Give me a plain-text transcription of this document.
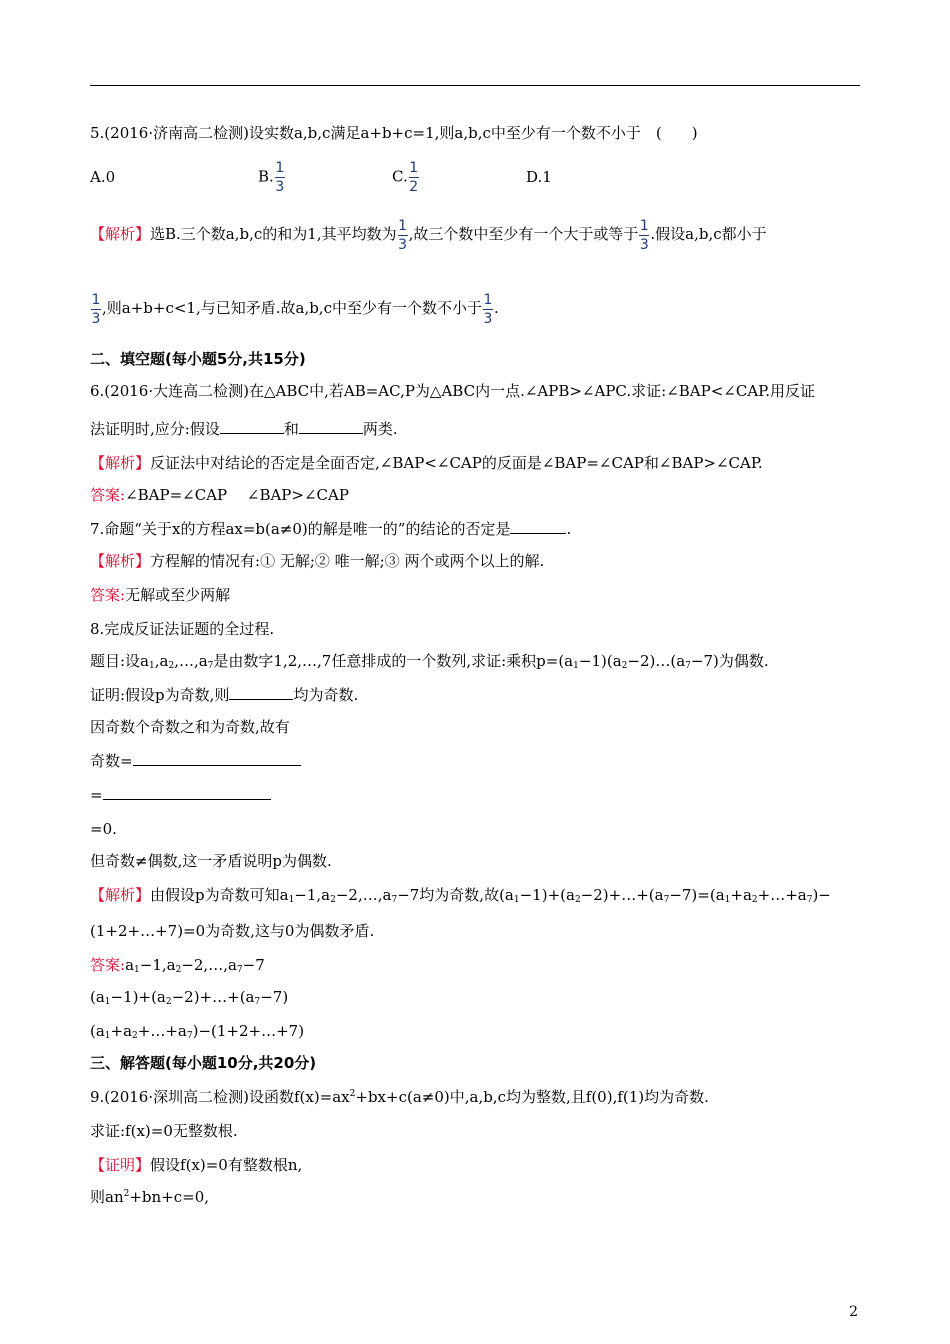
5.(2016·济南高二检测)设实数a,b,c满足a+b+c=1,则a,b,c中至少有一个数不小于　(　　)
A.0	B. $\frac{1}{3}$	C. $\frac{1}{2}$	D.1
【解析】选B.三个数a,b,c的和为1,其平均数为 $\frac{1}{3}$ ,故三个数中至少有一个大于或等于 $\frac{1}{3}$ .假设a,b,c都小于
$\frac{1}{3}$ ,则a+b+c<1,与已知矛盾.故a,b,c中至少有一个数不小于 $\frac{1}{3}$ .
二、填空题(每小题5分,共15分)
6.(2016·大连高二检测)在△ABC中,若AB=AC,P为△ABC内一点.∠APB>∠APC.求证:∠BAP<∠CAP.用反证
法证明时,应分:假设	和	两类.
【解析】反证法中对结论的否定是全面否定,∠BAP<∠CAP的反面是∠BAP=∠CAP和∠BAP>∠CAP.
答案:∠BAP=∠CAP　 ∠BAP>∠CAP
7.命题“关于x的方程ax=b(a≠0)的解是唯一的”的结论的否定是	.
【解析】方程解的情况有:① 无解;② 唯一解;③ 两个或两个以上的解.
答案:无解或至少两解
8.完成反证法证题的全过程.
题目:设$a_1,a_2,\dots,a_7$是由数字1,2,…,7任意排成的一个数列,求证:乘积$p=(a_1-1)(a_2-2)\dots(a_7-7)$为偶数.
证明:假设p为奇数,则	均为奇数.
因奇数个奇数之和为奇数,故有
奇数=
=
=0.
但奇数≠偶数,这一矛盾说明p为偶数.
【解析】由假设p为奇数可知$a_1-1,a_2-2,\dots,a_7-7$均为奇数,故$(a_1-1)+(a_2-2)+\dots+(a_7-7)=(a_1+a_2+\dots+a_7)-$
(1+2+…+7)=0为奇数,这与0为偶数矛盾.
答案$:a_1-1,a_2-2,\dots,a_7-7$
$(a_1-1)+(a_2-2)+\dots+(a_7-7)$
$(a_1+a_2+\dots+a_7)-(1+2+\dots+7)$
三、解答题(每小题10分,共20分)
9.(2016·深圳高二检测)设函数$f(x)=ax^2+bx+c(a\ne 0)$中,a,b,c均为整数,且f(0),f(1)均为奇数.
求证:f(x)=0无整数根.
【证明】假设f(x)=0有整数根n,
则$an^2+bn+c=0$,
2
